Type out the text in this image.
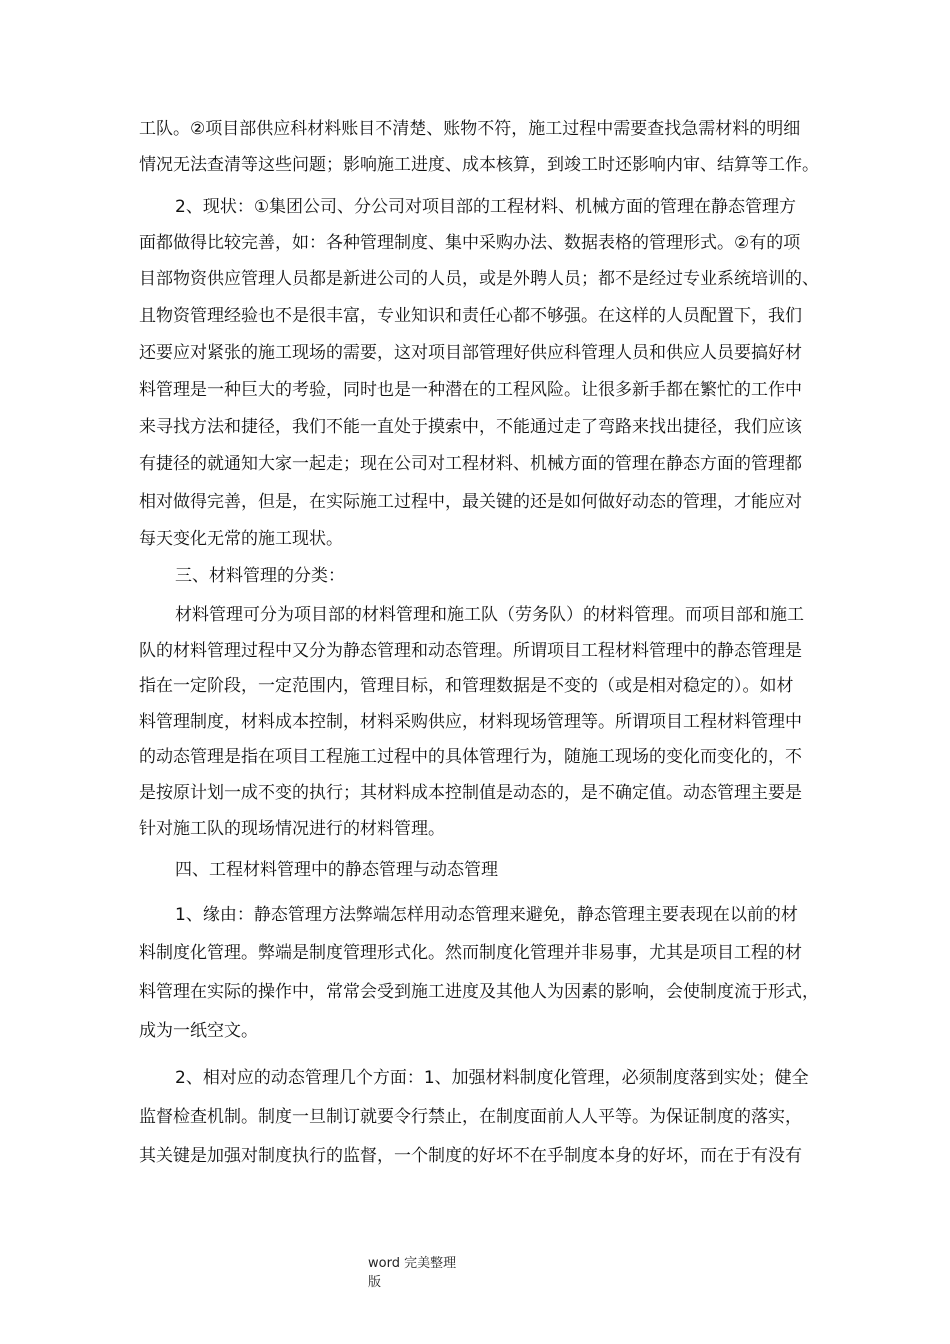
工队。②项目部供应科材料账目不清楚、账物不符，施工过程中需要查找急需材料的明细
情况无法查清等这些问题；影响施工进度、成本核算，到竣工时还影响内审、结算等工作。
2、现状：①集团公司、分公司对项目部的工程材料、机械方面的管理在静态管理方
面都做得比较完善，如：各种管理制度、集中采购办法、数据表格的管理形式。②有的项
目部物资供应管理人员都是新进公司的人员，或是外聘人员；都不是经过专业系统培训的、
且物资管理经验也不是很丰富，专业知识和责任心都不够强。在这样的人员配置下，我们
还要应对紧张的施工现场的需要，这对项目部管理好供应科管理人员和供应人员要搞好材
料管理是一种巨大的考验，同时也是一种潜在的工程风险。让很多新手都在繁忙的工作中
来寻找方法和捷径，我们不能一直处于摸索中，不能通过走了弯路来找出捷径，我们应该
有捷径的就通知大家一起走；现在公司对工程材料、机械方面的管理在静态方面的管理都
相对做得完善，但是，在实际施工过程中，最关键的还是如何做好动态的管理，才能应对
每天变化无常的施工现状。
三、材料管理的分类：
材料管理可分为项目部的材料管理和施工队（劳务队）的材料管理。而项目部和施工
队的材料管理过程中又分为静态管理和动态管理。所谓项目工程材料管理中的静态管理是
指在一定阶段，一定范围内，管理目标，和管理数据是不变的（或是相对稳定的）。如材
料管理制度，材料成本控制，材料采购供应，材料现场管理等。所谓项目工程材料管理中
的动态管理是指在项目工程施工过程中的具体管理行为，随施工现场的变化而变化的，不
是按原计划一成不变的执行；其材料成本控制值是动态的，是不确定值。动态管理主要是
针对施工队的现场情况进行的材料管理。
四、工程材料管理中的静态管理与动态管理
1、缘由：静态管理方法弊端怎样用动态管理来避免，静态管理主要表现在以前的材
料制度化管理。弊端是制度管理形式化。然而制度化管理并非易事，尤其是项目工程的材
料管理在实际的操作中，常常会受到施工进度及其他人为因素的影响，会使制度流于形式，
成为一纸空文。
2、相对应的动态管理几个方面：1、加强材料制度化管理，必须制度落到实处；健全
监督检查机制。制度一旦制订就要令行禁止，在制度面前人人平等。为保证制度的落实，
其关键是加强对制度执行的监督，一个制度的好坏不在乎制度本身的好坏，而在于有没有
word 完美整理
版
